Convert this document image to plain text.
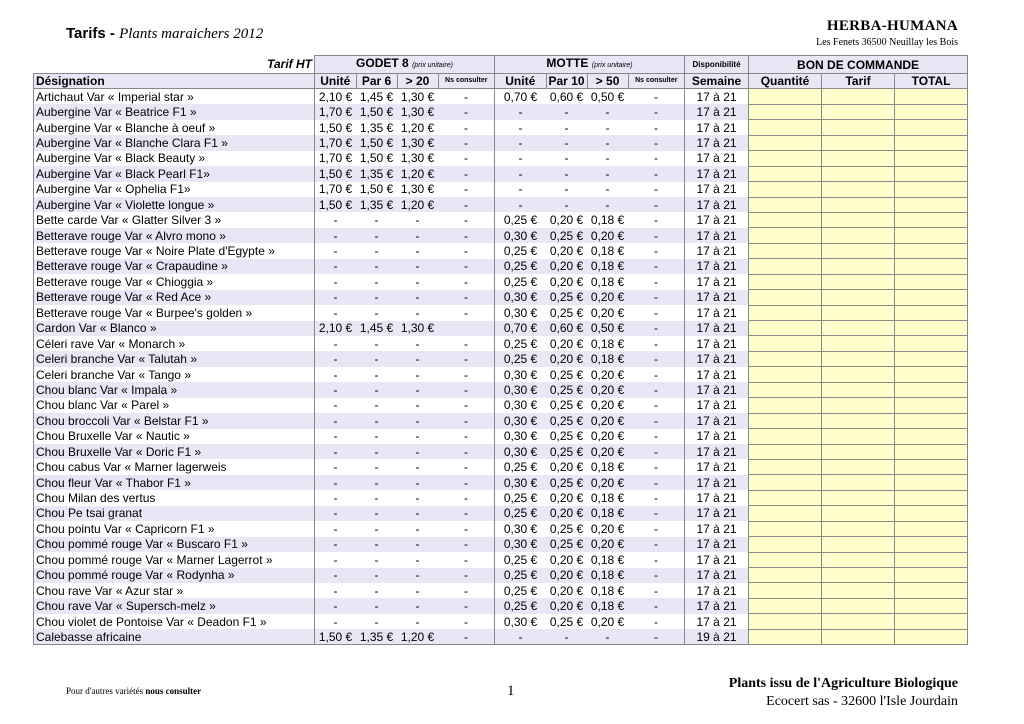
Tarifs - Plants maraichers 2012	HERBA-HUMANA
Les Fenets 36500 Neuillay les Bois
Tarif HT	GODET 8 (prix unitaire)				MOTTE (prix unitaire)				Disponibilité	BON DE COMMANDE		
Désignation	Unité	Par 6	> 20	Ns consulter	Unité	Par 10	> 50	Ns consulter	Semaine	Quantité	Tarif	TOTAL
Artichaut Var « Imperial star »	2,10 €	1,45 €	1,30 €	-	0,70 €	0,60 €	0,50 €	-	17 à 21			
Aubergine Var « Beatrice F1 »	1,70 €	1,50 €	1,30 €	-	-	-	-	-	17 à 21			
Aubergine Var « Blanche à oeuf »	1,50 €	1,35 €	1,20 €	-	-	-	-	-	17 à 21			
Aubergine Var « Blanche Clara F1 »	1,70 €	1,50 €	1,30 €	-	-	-	-	-	17 à 21			
Aubergine Var « Black Beauty »	1,70 €	1,50 €	1,30 €	-	-	-	-	-	17 à 21			
Aubergine Var « Black Pearl F1»	1,50 €	1,35 €	1,20 €	-	-	-	-	-	17 à 21			
Aubergine Var « Ophelia F1»	1,70 €	1,50 €	1,30 €	-	-	-	-	-	17 à 21			
Aubergine Var « Violette longue »	1,50 €	1,35 €	1,20 €	-	-	-	-	-	17 à 21			
Bette carde Var « Glatter Silver 3 »	-	-	-	-	0,25 €	0,20 €	0,18 €	-	17 à 21			
Betterave rouge Var « Alvro mono »	-	-	-	-	0,30 €	0,25 €	0,20 €	-	17 à 21			
Betterave rouge Var « Noire Plate d'Egypte »	-	-	-	-	0,25 €	0,20 €	0,18 €	-	17 à 21			
Betterave rouge Var « Crapaudine »	-	-	-	-	0,25 €	0,20 €	0,18 €	-	17 à 21			
Betterave rouge Var « Chioggia »	-	-	-	-	0,25 €	0,20 €	0,18 €	-	17 à 21			
Betterave rouge Var « Red Ace »	-	-	-	-	0,30 €	0,25 €	0,20 €	-	17 à 21			
Betterave rouge Var « Burpee's golden »	-	-	-	-	0,30 €	0,25 €	0,20 €	-	17 à 21			
Cardon Var « Blanco »	2,10 €	1,45 €	1,30 €		0,70 €	0,60 €	0,50 €	-	17 à 21			
Céleri rave Var « Monarch »	-	-	-	-	0,25 €	0,20 €	0,18 €	-	17 à 21			
Celeri branche Var « Talutah »	-	-	-	-	0,25 €	0,20 €	0,18 €	-	17 à 21			
Celeri branche Var « Tango »	-	-	-	-	0,30 €	0,25 €	0,20 €	-	17 à 21			
Chou blanc Var « Impala »	-	-	-	-	0,30 €	0,25 €	0,20 €	-	17 à 21			
Chou blanc Var « Parel »	-	-	-	-	0,30 €	0,25 €	0,20 €	-	17 à 21			
Chou broccoli Var « Belstar F1 »	-	-	-	-	0,30 €	0,25 €	0,20 €	-	17 à 21			
Chou Bruxelle Var « Nautic »	-	-	-	-	0,30 €	0,25 €	0,20 €	-	17 à 21			
Chou Bruxelle Var « Doric F1 »	-	-	-	-	0,30 €	0,25 €	0,20 €	-	17 à 21			
Chou cabus Var « Marner lagerweis	-	-	-	-	0,25 €	0,20 €	0,18 €	-	17 à 21			
Chou fleur Var « Thabor F1 »	-	-	-	-	0,30 €	0,25 €	0,20 €	-	17 à 21			
Chou Milan des vertus	-	-	-	-	0,25 €	0,20 €	0,18 €	-	17 à 21			
Chou Pe tsai granat	-	-	-	-	0,25 €	0,20 €	0,18 €	-	17 à 21			
Chou pointu Var « Capricorn F1 »	-	-	-	-	0,30 €	0,25 €	0,20 €	-	17 à 21			
Chou pommé rouge Var « Buscaro F1 »	-	-	-	-	0,30 €	0,25 €	0,20 €	-	17 à 21			
Chou pommé rouge Var « Marner Lagerrot »	-	-	-	-	0,25 €	0,20 €	0,18 €	-	17 à 21			
Chou pommé rouge Var « Rodynha »	-	-	-	-	0,25 €	0,20 €	0,18 €	-	17 à 21			
Chou rave Var « Azur star »	-	-	-	-	0,25 €	0,20 €	0,18 €	-	17 à 21			
Chou rave Var « Supersch-melz »	-	-	-	-	0,25 €	0,20 €	0,18 €	-	17 à 21			
Chou violet de Pontoise Var « Deadon F1 »	-	-	-	-	0,30 €	0,25 €	0,20 €	-	17 à 21			
Calebasse africaine	1,50 €	1,35 €	1,20 €	-	-	-	-	-	19 à 21			
Pour d'autres variétés nous consulter	1	Plants issu de l'Agriculture Biologique
Ecocert sas - 32600 l'Isle Jourdain
